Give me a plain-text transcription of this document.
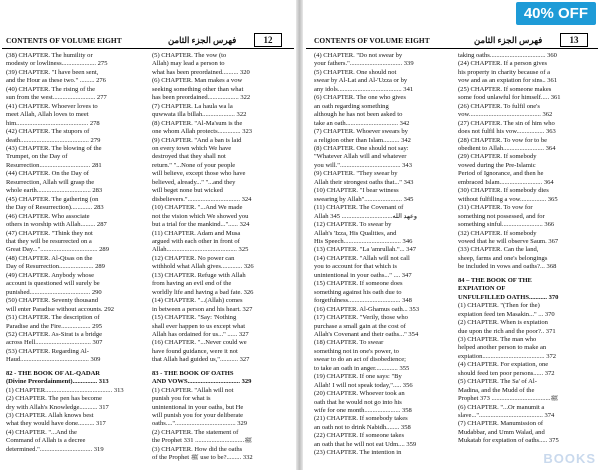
40% OFF
CONTENTS OF VOLUME EIGHT	فهرس الجزء الثامن	12
(38) CHAPTER. The humility or
modesty or lowliness..................... 275
(39) CHAPTER. "I have been sent,
and the Hour as these two." ......... 276
(40) CHAPTER. The rising of the
sun from the west.......................... 277
(41) CHAPTER. Whoever loves to
meet Allah, Allah loves to meet
him............................................ 278
(42) CHAPTER. The stupors of
death.......................................... 279
(43) CHAPTER. The blowing of the
Trumpet, on the Day of
Resurrection............................... 281
(44) CHAPTER. On the Day of
Resurrection, Allah will grasp the
whole earth................................. 283
(45) CHAPTER. The gathering (on
the Day of Resurrection)............. 283
(46) CHAPTER. Who associate
others in worship with Allah......... 287
(47) CHAPTER. "Think they not
that they will be resurrected on a
Great Day..."................................... 289
(48) CHAPTER. Al-Qisas on the
Day of Resurrection..................... 289
(49) CHAPTER. Anybody whose
account is questioned will surely be
punished..................................... 290
(50) CHAPTER. Seventy thousand
will enter Paradise without accounts. 292
(51) CHAPTER. The description of
Paradise and the Fire.................. 295
(52) CHAPTER. As-Sirat is a bridge
across Hell.................................. 307
(53) CHAPTER. Regarding Al-
Haud.......................................... 309
82 - THE BOOK OF AL-QADAR
(Divine Preordainment)............... 313
(1) CHAPTER......................................... 313
(2) CHAPTER. The pen has become
dry with Allah's Knowledge........... 317
(3) CHAPTER. Allah knows best
what they would have done.......... 317
(4) CHAPTER. "...And the
Command of Allah is a decree
determined."................................ 319
(5) CHAPTER. The vow (to
Allah) may lead a person to
what has been preordained.......... 320
(6) CHAPTER. Man makes a vow
seeking something other than what
has been preordained................... 322
(7) CHAPTER. La haula wa la
quwwata illa billah.................... 322
(8) CHAPTER. "Al-Ma'sum is the
one whom Allah protects.............. 323
(9) CHAPTER. "And a ban is laid
on every town which We have
destroyed that they shall not
return." "...None of your people
will believe, except those who have
believed, already..." "...and they
will beget none but wicked
disbelievers."................................ 324
(10) CHAPTER. "...And We made
not the vision which We showed you
but a trial for the mankind..."...... 324
(11) CHAPTER. Adam and Musa
argued with each other in front of
Allah........................................... 325
(12) CHAPTER. No power can
withhold what Allah gives............. 326
(13) CHAPTER. Refuge with Allah
from having an evil end of the
worldly life and having a bad fate. 326
(14) CHAPTER. "...(Allah) comes
in between a person and his heart. 327
(15) CHAPTER. "Say: 'Nothing
shall ever happen to us except what
Allah has ordained for us..." ...... 327
(16) CHAPTER. "...Never could we
have found guidance, were it not
that Allah had guided us,"........... 327
83 - THE BOOK OF OATHS
AND VOWS................................ 329
(1) CHAPTER. "Allah will not
punish you for what is
unintentional in your oaths, but He
will punish you for your deliberate
oaths...."..................................... 329
(2) CHAPTER. The statement of
the Prophet ﷺ.............................. 331
(3) CHAPTER. How did the oaths
of the Prophet ﷺ use to be?......... 332
CONTENTS OF VOLUME EIGHT	فهرس الجزء الثامن	13
(4) CHAPTER. "Do not swear by
your fathers."................................ 339
(5) CHAPTER. One should not
swear by Al-Lat and Al-'Uzza or by
any idols....................................... 341
(6) CHAPTER. The one who gives
an oath regarding something
although he has not been asked to
take an oath................................ 342
(7) CHAPTER. Whoever swears by
a religion other than Islam.......... 342
(8) CHAPTER. One should not say:
"Whatever Allah will and whatever
you will."..................................... 343
(9) CHAPTER. "They swear by
Allah their strongest oaths that..." 343
(10) CHAPTER. "I bear witness
swearing by Allah"....................... 345
(11) CHAPTER. The Covenant of
Allah وعهد الله............................... 345
(12) CHAPTER. To swear by
Allah's 'Izza, His Qualities, and
His Speech................................... 346
(13) CHAPTER. "La 'amrullah."... 347
(14) CHAPTER. "Allah will not call
you to account for that which is
unintentional in your oaths..." .... 347
(15) CHAPTER. If someone does
something against his oath due to
forgetfulness................................ 348
(16) CHAPTER. Al-Ghamus oath... 353
(17) CHAPTER. "Verily, those who
purchase a small gain at the cost of
Allah's Covenant and their oaths..." 354
(18) CHAPTER. To swear
something not in one's power, to
swear to do an act of disobedience;
to take an oath in anger.............. 355
(19) CHAPTER. If one says: "By
Allah! I will not speak today,"..... 356
(20) CHAPTER. Whoever took an
oath that he would not go into his
wife for one month...................... 358
(21) CHAPTER. If somebody takes
an oath not to drink Nabidh........ 358
(22) CHAPTER. If someone takes
an oath that he will not eat Udm.... 359
(23) CHAPTER. The intention in
taking oaths.................................. 360
(24) CHAPTER. If a person gives
his property in charity because of a
vow and as an expiation for sins.. 361
(25) CHAPTER. If someone makes
some food unlawful for himself..... 361
(26) CHAPTER. To fulfil one's
vow............................................ 362
(27) CHAPTER. The sin of him who
does not fulfil his vow................. 363
(28) CHAPTER. To vow for to be
obedient to Allah......................... 364
(29) CHAPTER. If somebody
vowed during the Pre-Islamic
Period of Ignorance, and then he
embraced Islam.......................... 364
(30) CHAPTER. If somebody dies
without fulfilling a vow................ 365
(31) CHAPTER. To vow for
something not possessed, and for
something sinful......................... 366
(32) CHAPTER. If somebody
vowed that he will observe Saum. 367
(33) CHAPTER. Can the land,
sheep, farms and one's belongings
be included in vows and oaths?... 368
84 – THE BOOK OF THE
EXPIATION OF
UNFULFILLED OATHS........... 370
(1) CHAPTER. "(Then for the)
expiation feed ten Masakin..." ... 370
(2) CHAPTER. When is expiation
due upon the rich and the poor?.. 371
(3) CHAPTER. The man who
helped another person to make an
expiation...................................... 372
(4) CHAPTER. For expiation, one
should feed ten poor persons...... 372
(5) CHAPTER. The Sa' of Al-
Madina, and the Mudd of the
Prophet ﷺ.................................... 373
(6) CHAPTER. "...Or manumit a
slave..."....................................... 374
(7) CHAPTER. Manumission of
Mudabbar, and Umm Walad, and
Mukatab for expiation of oaths..... 375
BOOKS
